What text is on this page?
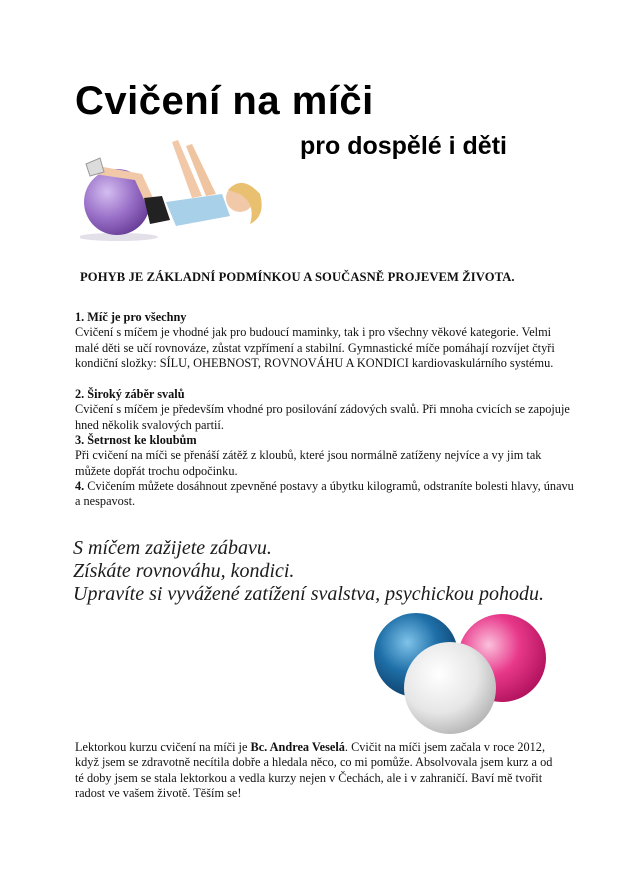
Cvičení na míči
pro dospělé i děti
POHYB JE ZÁKLADNÍ PODMÍNKOU A SOUČASNĚ PROJEVEM ŽIVOTA.
1. Míč je pro všechny

Cvičení s míčem je vhodné jak pro budoucí maminky, tak i pro všechny věkové kategorie. Velmi malé děti se učí rovnováze, zůstat vzpřímení a stabilní. Gymnastické míče pomáhají rozvíjet čtyři kondiční složky: SÍLU, OHEBNOST, ROVNOVÁHU A KONDICI kardiovaskulárního systému.

2. Široký záběr svalů

Cvičení s míčem je především vhodné pro posilování zádových svalů. Při mnoha cvicích se zapojuje hned několik svalových partií.

3. Šetrnost ke kloubům

Při cvičení na míči se přenáší zátěž z kloubů, které jsou normálně zatíženy nejvíce a vy jim tak můžete dopřát trochu odpočinku.

4. Cvičením můžete dosáhnout zpevněné postavy a úbytku kilogramů, odstraníte bolesti hlavy, únavu a nespavost.

S míčem zažijete zábavu.
Získáte rovnováhu, kondici.
Upravíte si vyvážené zatížení svalstva, psychickou pohodu.
Lektorkou kurzu cvičení na míči je Bc. Andrea Veselá. Cvičit na míči jsem začala v roce 2012, když jsem se zdravotně necítila dobře a hledala něco, co mi pomůže. Absolvovala jsem kurz a od té doby jsem se stala lektorkou a vedla kurzy nejen v Čechách, ale i v zahraničí. Baví mě tvořit radost ve vašem životě. Těším se!
